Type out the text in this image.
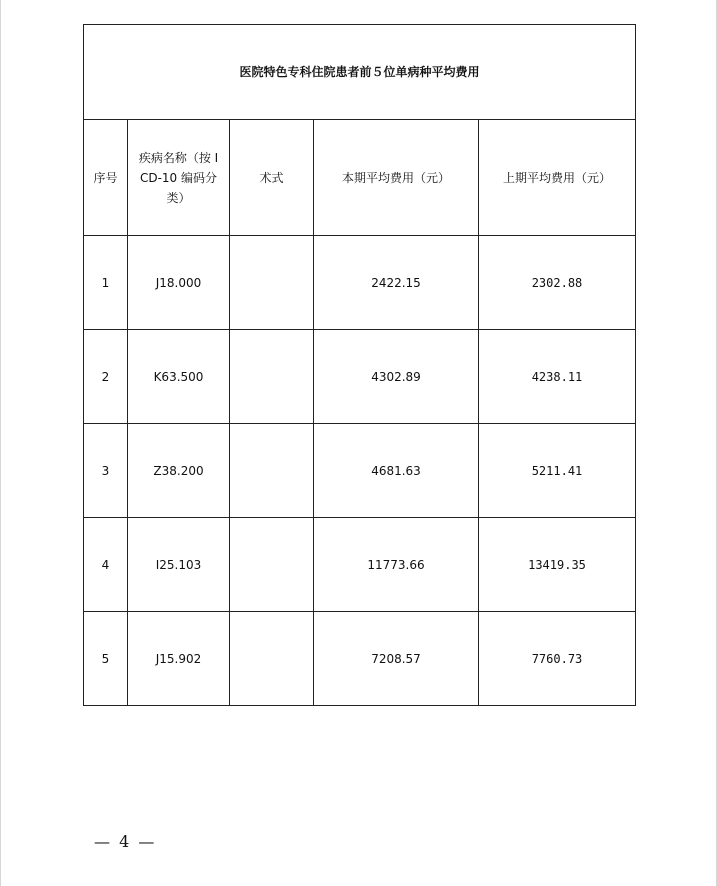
医院特色专科住院患者前５位单病种平均费用				
序号	疾病名称（按 ICD-10 编码分类）	术式	本期平均费用（元）	上期平均费用（元）
1	J18.000		2422.15	2302.88
2	K63.500		4302.89	4238.11
3	Z38.200		4681.63	5211.41
4	I25.103		11773.66	13419.35
5	J15.902		7208.57	7760.73
— 4 —
